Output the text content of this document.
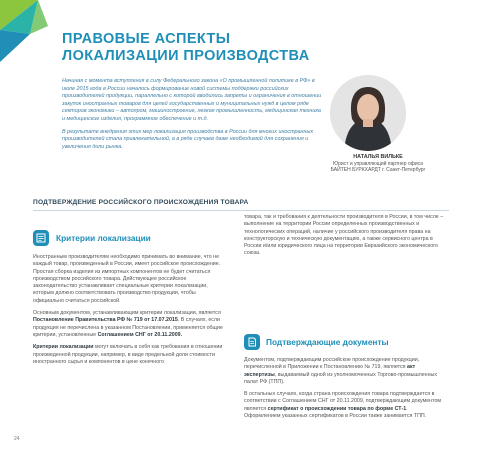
ПРАВОВЫЕ АСПЕКТЫ
ЛОКАЛИЗАЦИИ ПРОИЗВОДСТВА

Начиная с момента вступления в силу Федерального закона «О промышленной политике в РФ» в июле 2015 года в России началось формирование новой системы поддержки российских производителей продукции, параллельно с которой вводились запреты и ограничения в отношении закупок иностранных товаров для целей государственных и муниципальных нужд в целом ряде секторов экономики – автопром, машиностроение, легкая промышленность, медицинская техника и медицинские изделия, программное обеспечение и т.д.

В результате внедрения этих мер локализация производства в России для многих иностранных производителей стала привлекательной, а в ряде случаев даже необходимой для сохранения и увеличения доли рынка.

НАТАЛЬЯ ВИЛЬКЕ
Юрист и управляющий партнер офиса
БАЙТЕН БУРКХАРДТ г. Санкт-Петербург
ПОДТВЕРЖДЕНИЕ РОССИЙСКОГО ПРОИСХОЖДЕНИЯ ТОВАРА
Критерии локализации

Иностранным производителям необходимо принимать во внимание, что не каждый товар, произведенный в России, имеет российское происхождение. Простая сборка изделия из импортных компонентов не будет считаться производством российского товара. Действующее российское законодательство устанавливает специальные критерии локализации, которым должно соответствовать производство продукции, чтобы официально считаться российской.

Основным документом, устанавливающим критерии локализации, является Постановление Правительства РФ № 719 от 17.07.2015. В случаях, если продукция не перечислена в указанном Постановлении, применяется общие критерии, установленные Соглашением СНГ от 20.11.2009.

Критерии локализации могут включать в себя как требования в отношении произведенной продукции, например, в виде предельной доли стоимости иностранного сырья и компонентов в цене конечного

товара, так и требования к деятельности производителя в России, в том числе – выполнение на территории России определенных производственных и технологических операций, наличие у российского производителя права на конструкторскую и техническую документацию, а также сервисного центра в России и/или юридического лица на территории Евразийского экономического союза.

Подтверждающие документы

Документом, подтверждающим российское происхождение продукции, перечисленной в Приложении к Постановлению № 719, является акт экспертизы, выдаваемый одной из уполномоченных Торгово-промышленных палат РФ (ТПП).

В остальных случаях, когда страна происхождения товара подтверждается в соответствии с Соглашением СНГ от 20.11.2009, подтверждающим документом является сертификат о происхождении товара по форме СТ-1. Оформлением указанных сертификатов в России также занимается ТПП.

24
